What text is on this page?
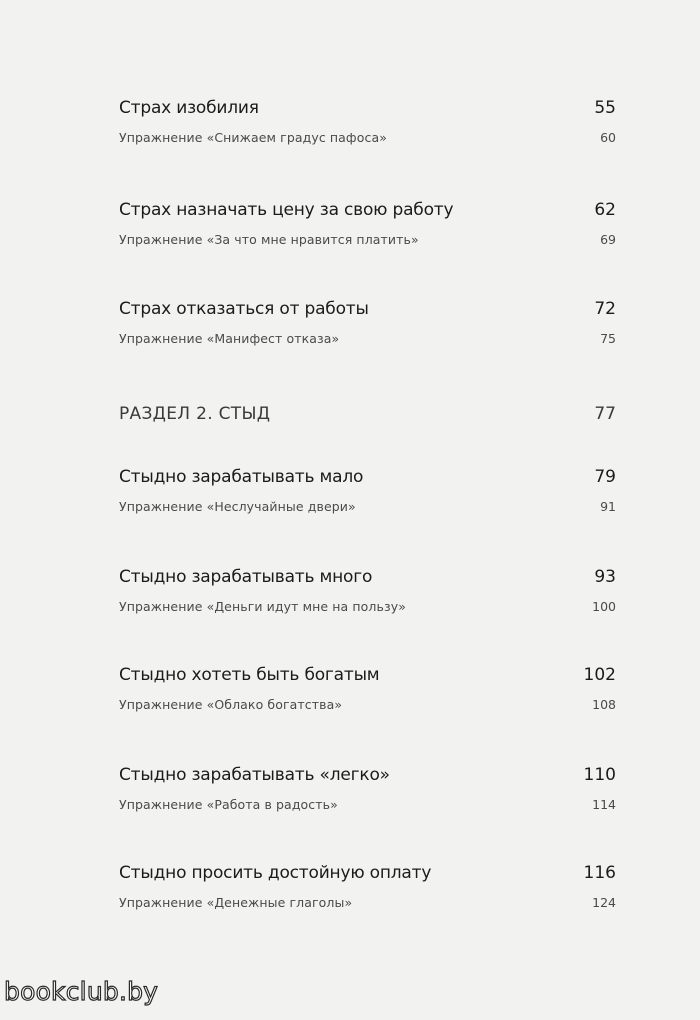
Страх изобилия	55
Упражнение «Снижаем градус пафоса»	60
Страх назначать цену за свою работу	62
Упражнение «За что мне нравится платить»	69
Страх отказаться от работы	72
Упражнение «Манифест отказа»	75
РАЗДЕЛ 2. СТЫД	77
Стыдно зарабатывать мало	79
Упражнение «Неслучайные двери»	91
Стыдно зарабатывать много	93
Упражнение «Деньги идут мне на пользу»	100
Стыдно хотеть быть богатым	102
Упражнение «Облако богатства»	108
Стыдно зарабатывать «легко»	110
Упражнение «Работа в радость»	114
Стыдно просить достойную оплату	116
Упражнение «Денежные глаголы»	124
bookclub.by
